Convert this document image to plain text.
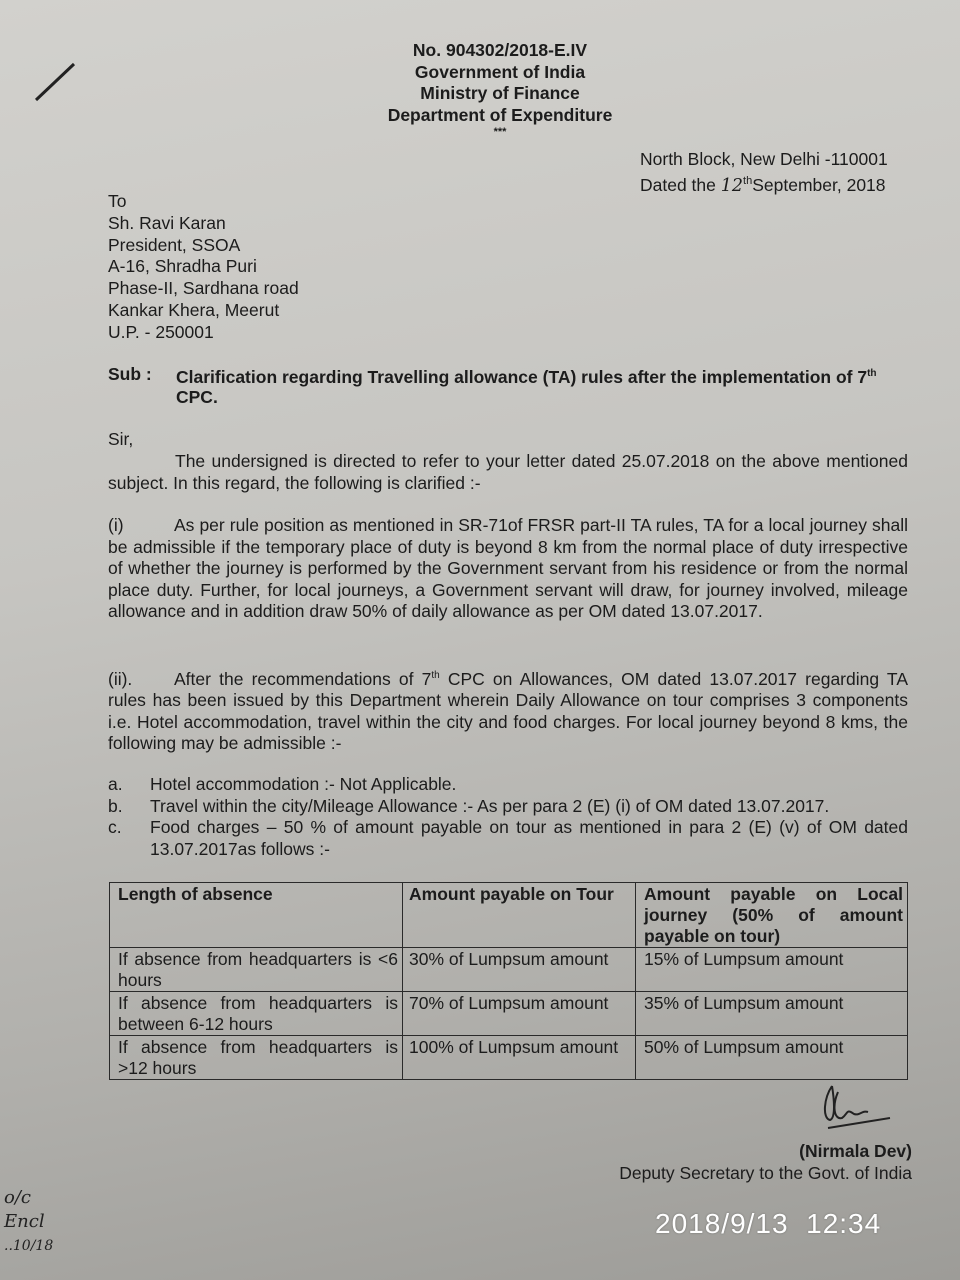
No. 904302/2018-E.IV
Government of India
Ministry of Finance
Department of Expenditure
***
North Block, New Delhi -110001
Dated the 12thSeptember, 2018
To
Sh. Ravi Karan
President, SSOA
A-16, Shradha Puri
Phase-II, Sardhana road
Kankar Khera, Meerut
U.P. - 250001
Sub :	Clarification regarding Travelling allowance (TA) rules after the implementation of 7th CPC.
Sir,
The undersigned is directed to refer to your letter dated 25.07.2018 on the above mentioned subject. In this regard, the following is clarified :-
(i)	As per rule position as mentioned in SR-71of FRSR part-II TA rules, TA for a local journey shall be admissible if the temporary place of duty is beyond 8 km from the normal place of duty irrespective of whether the journey is performed by the Government servant from his residence or from the normal place duty. Further, for local journeys, a Government servant will draw, for journey involved, mileage allowance and in addition draw 50% of daily allowance as per OM dated 13.07.2017.
(ii). After the recommendations of 7th CPC on Allowances, OM dated 13.07.2017 regarding TA rules has been issued by this Department wherein Daily Allowance on tour comprises 3 components i.e. Hotel accommodation, travel within the city and food charges. For local journey beyond 8 kms, the following may be admissible :-
a.	Hotel accommodation :- Not Applicable.
b.	Travel within the city/Mileage Allowance :- As per para 2 (E) (i) of OM dated 13.07.2017.
c.	Food charges – 50 % of amount payable on tour as mentioned in para 2 (E) (v) of OM dated 13.07.2017as follows :-
Length of absence	Amount payable on Tour	Amount payable on Local journey (50% of amount payable on tour)
If absence from headquarters is <6 hours	30% of Lumpsum amount	15% of Lumpsum amount
If absence from headquarters is between 6-12 hours	70% of Lumpsum amount	35% of Lumpsum amount
If absence from headquarters is >12 hours	100% of Lumpsum amount	50% of Lumpsum amount
(Nirmala Dev)
Deputy Secretary to the Govt. of India
o/c
Encl
..10/18
2018/9/13  12:34
